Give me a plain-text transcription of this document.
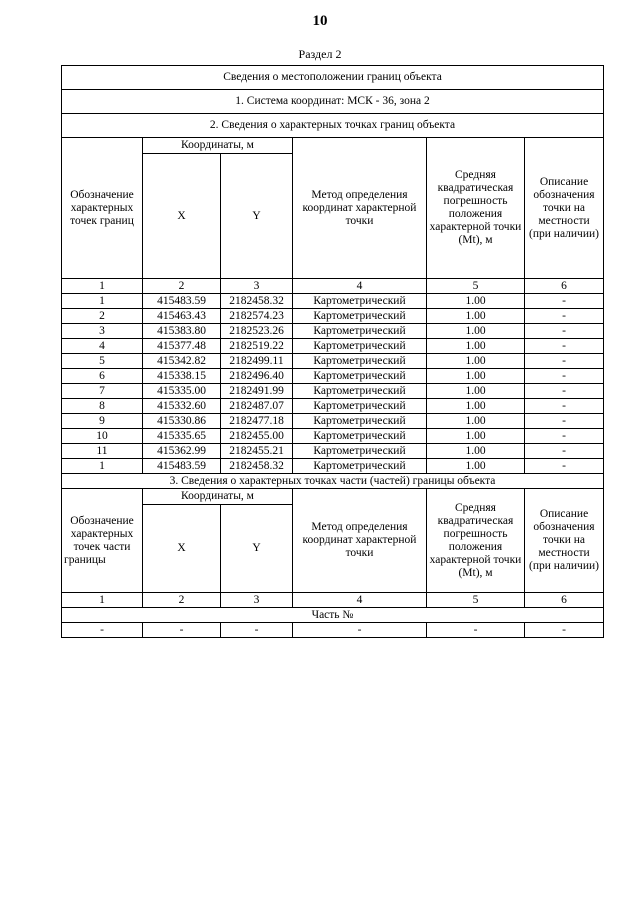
10
Раздел 2
Сведения о местоположении границ объекта					
1. Система координат: МСК - 36, зона 2					
2. Сведения о характерных точках границ объекта					
Обозначение характерных точек границ	Координаты, м		Метод определения координат характерной точки	Средняя квадратическая погрешность положения характерной точки (Mt), м	Описание обозначения точки на местности (при наличии)
	X	Y			
1	2	3	4	5	6
1	415483.59	2182458.32	Картометрический	1.00	-
2	415463.43	2182574.23	Картометрический	1.00	-
3	415383.80	2182523.26	Картометрический	1.00	-
4	415377.48	2182519.22	Картометрический	1.00	-
5	415342.82	2182499.11	Картометрический	1.00	-
6	415338.15	2182496.40	Картометрический	1.00	-
7	415335.00	2182491.99	Картометрический	1.00	-
8	415332.60	2182487.07	Картометрический	1.00	-
9	415330.86	2182477.18	Картометрический	1.00	-
10	415335.65	2182455.00	Картометрический	1.00	-
11	415362.99	2182455.21	Картометрический	1.00	-
1	415483.59	2182458.32	Картометрический	1.00	-
3. Сведения о характерных точках части (частей) границы объекта					
Обозначение характерных точек части границы	Координаты, м		Метод определения координат характерной точки	Средняя квадратическая погрешность положения характерной точки (Mt), м	Описание обозначения точки на местности (при наличии)
	X	Y			
1	2	3	4	5	6
Часть №					
-	-	-	-	-	-
